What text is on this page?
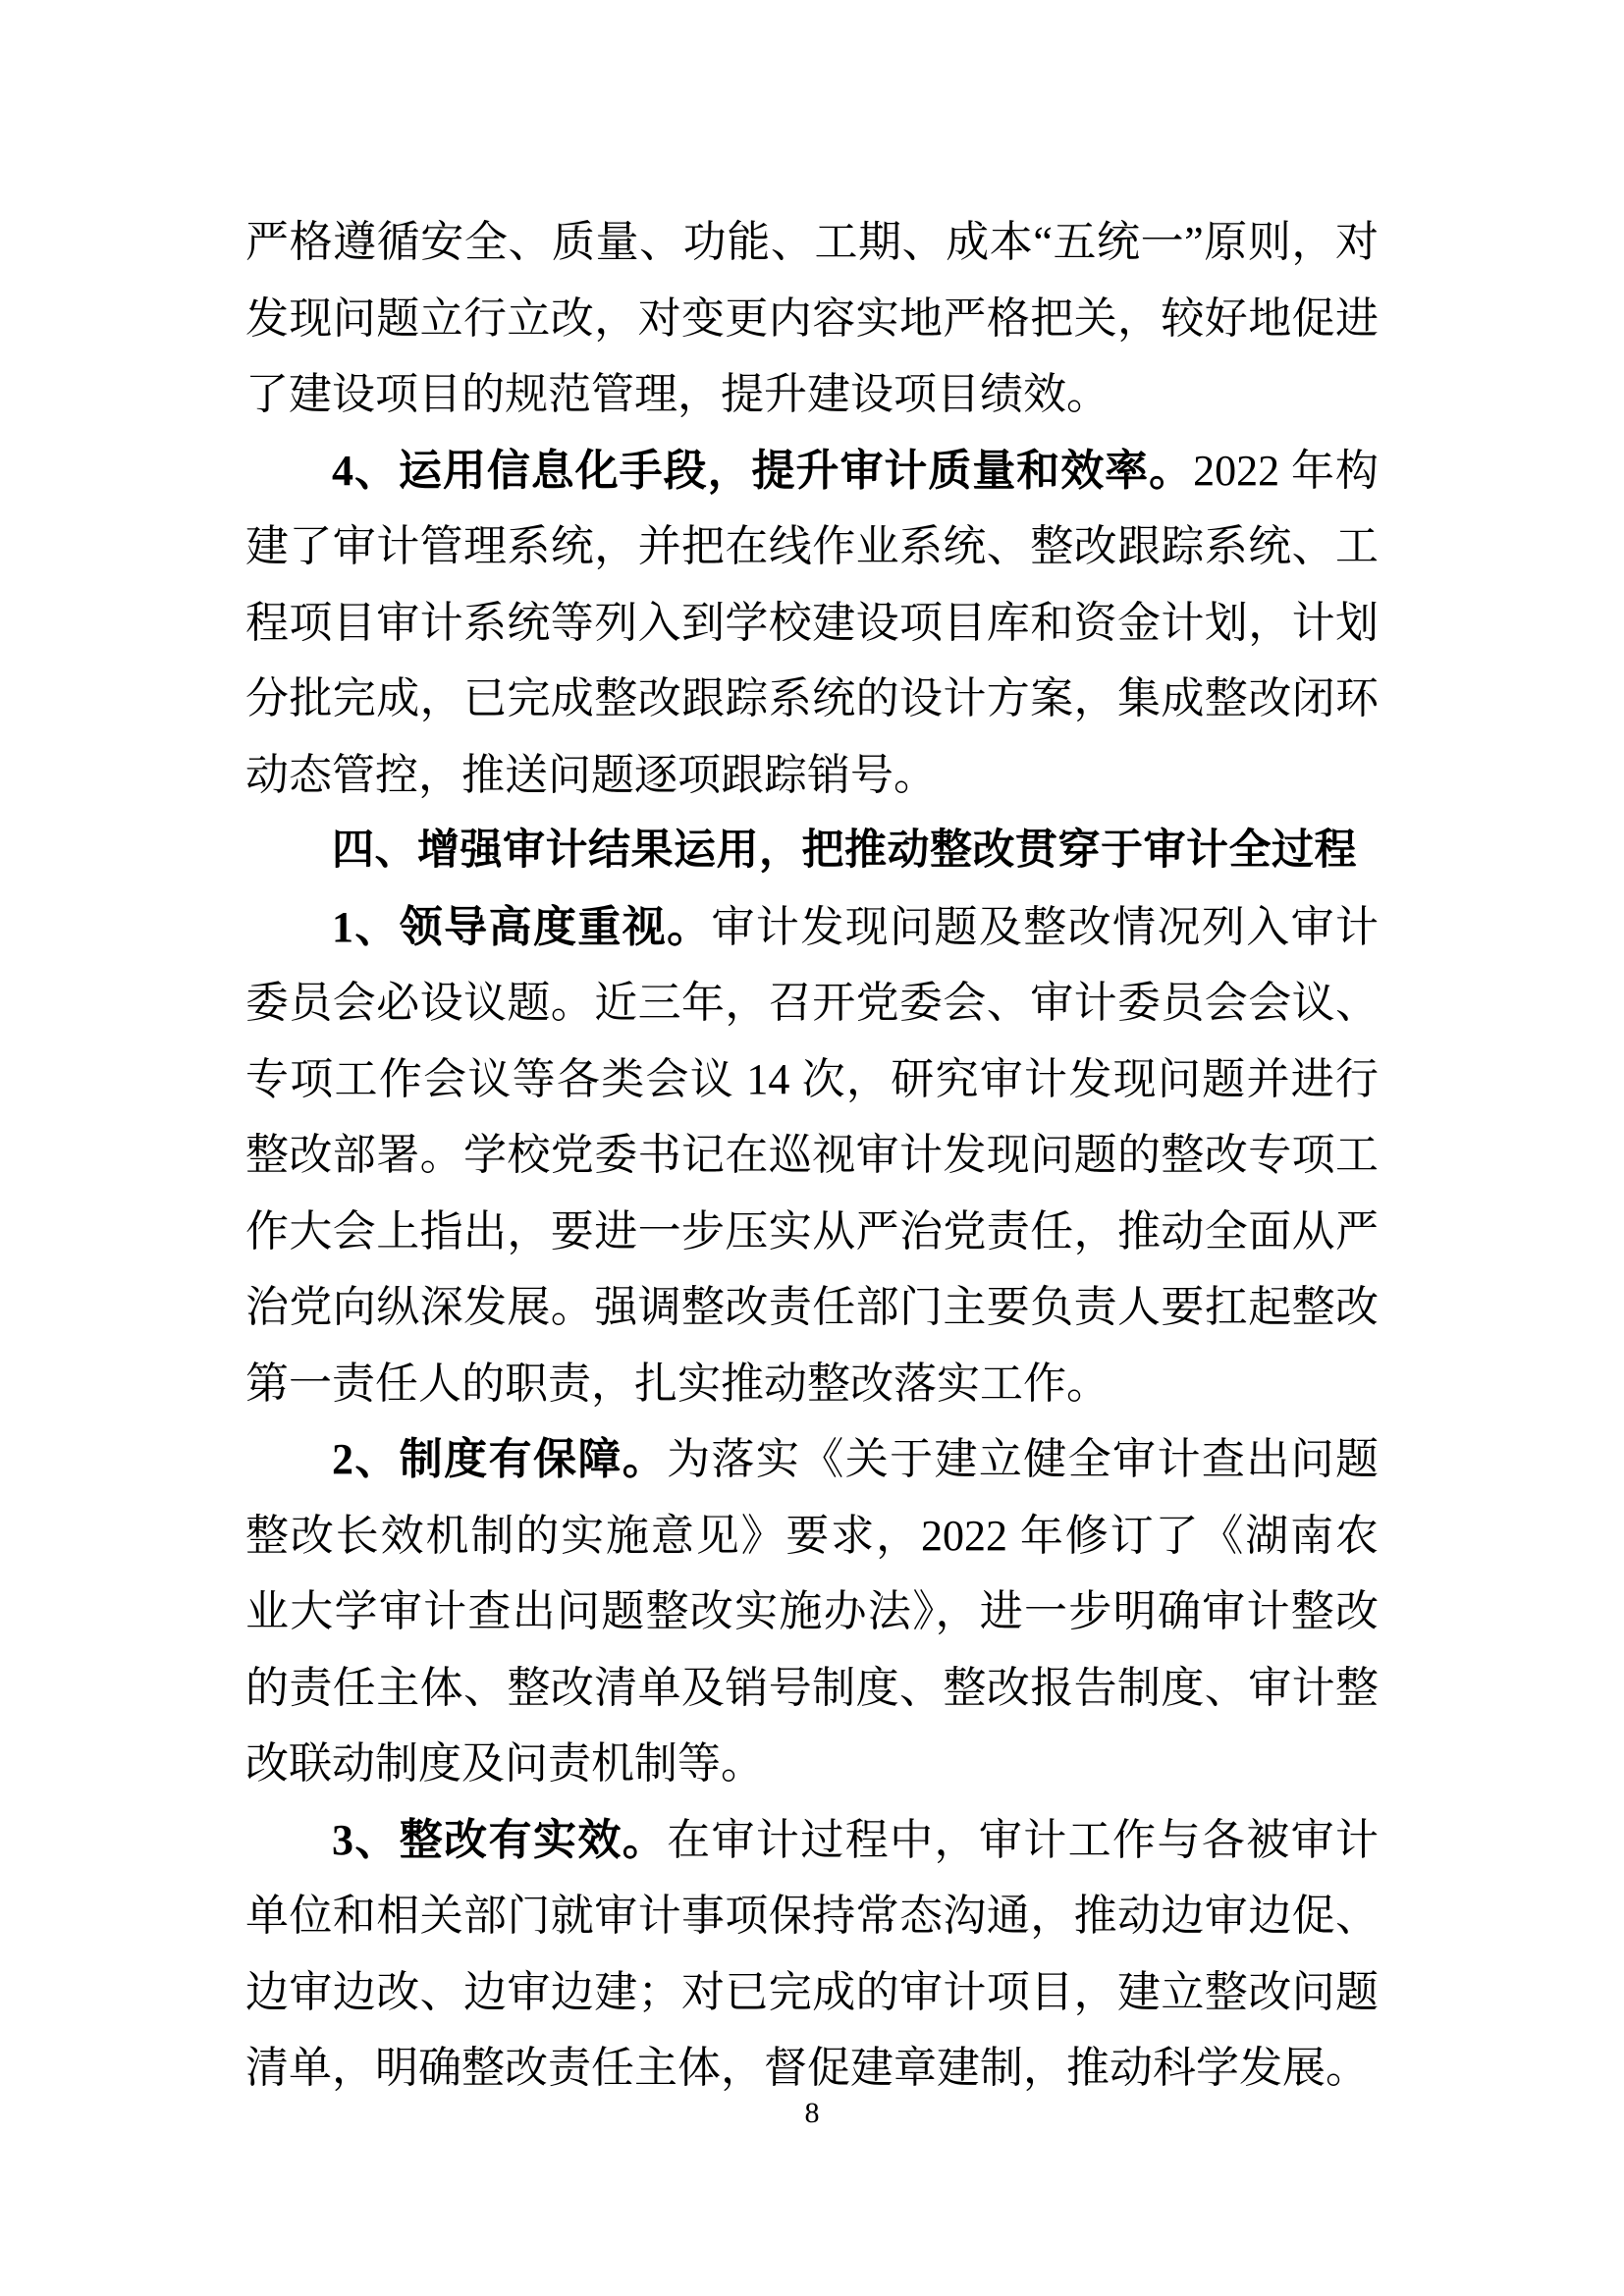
严格遵循安全、质量、功能、工期、成本“五统一”原则，对发现问题立行立改，对变更内容实地严格把关，较好地促进了建设项目的规范管理，提升建设项目绩效。

4、运用信息化手段，提升审计质量和效率。2022 年构建了审计管理系统，并把在线作业系统、整改跟踪系统、工程项目审计系统等列入到学校建设项目库和资金计划，计划分批完成，已完成整改跟踪系统的设计方案，集成整改闭环动态管控，推送问题逐项跟踪销号。

四、增强审计结果运用，把推动整改贯穿于审计全过程

1、领导高度重视。审计发现问题及整改情况列入审计委员会必设议题。近三年，召开党委会、审计委员会会议、专项工作会议等各类会议 14 次，研究审计发现问题并进行整改部署。学校党委书记在巡视审计发现问题的整改专项工作大会上指出，要进一步压实从严治党责任，推动全面从严治党向纵深发展。强调整改责任部门主要负责人要扛起整改第一责任人的职责，扎实推动整改落实工作。

2、制度有保障。为落实《关于建立健全审计查出问题整改长效机制的实施意见》要求，2022 年修订了《湖南农业大学审计查出问题整改实施办法》，进一步明确审计整改的责任主体、整改清单及销号制度、整改报告制度、审计整改联动制度及问责机制等。

3、整改有实效。在审计过程中，审计工作与各被审计单位和相关部门就审计事项保持常态沟通，推动边审边促、边审边改、边审边建；对已完成的审计项目，建立整改问题清单，明确整改责任主体，督促建章建制，推动科学发展。

8
